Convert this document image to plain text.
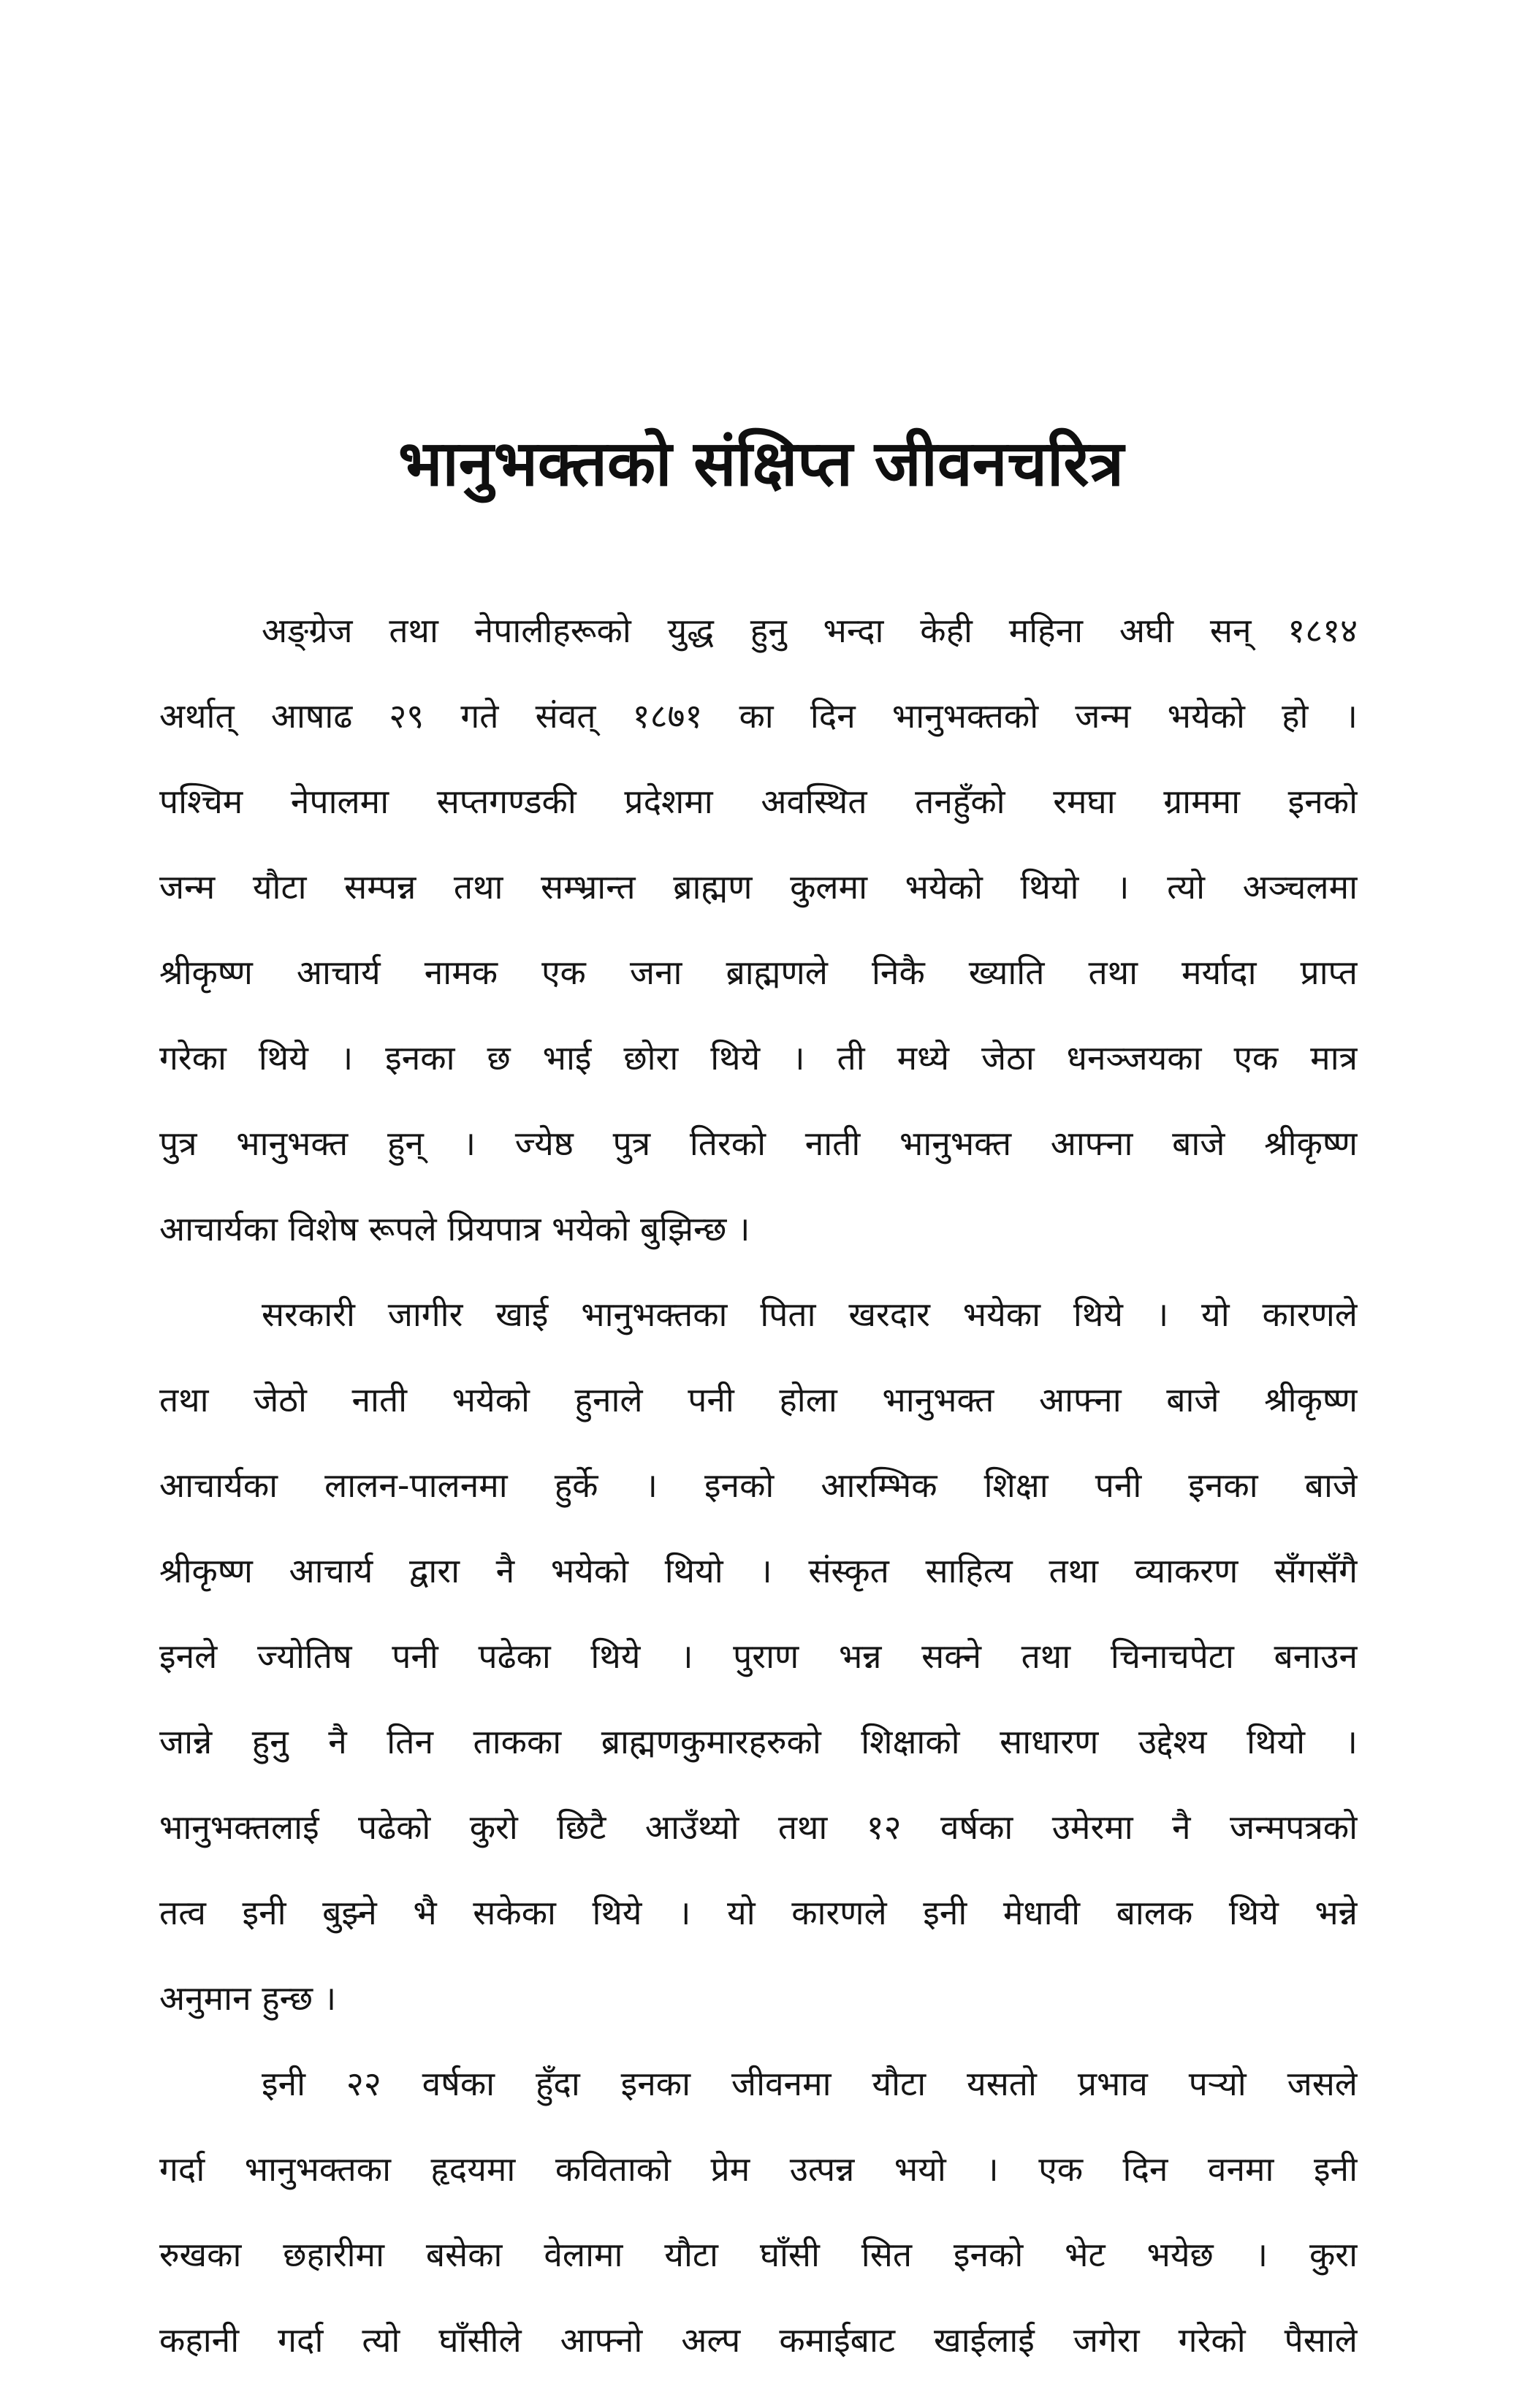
भानुभक्तको संक्षिप्त जीवनचरित्र
अङ्ग्रेज तथा नेपालीहरूको युद्ध हुनु भन्दा केही महिना अघी सन् १८१४
अर्थात् आषाढ २९ गते संवत् १८७१ का दिन भानुभक्तको जन्म भयेको हो ।
पश्चिम नेपालमा सप्तगण्डकी प्रदेशमा अवस्थित तनहुँको रमघा ग्राममा इनको
जन्म यौटा सम्पन्न तथा सम्भ्रान्त ब्राह्मण कुलमा भयेको थियो । त्यो अञ्चलमा
श्रीकृष्ण आचार्य नामक एक जना ब्राह्मणले निकै ख्याति तथा मर्यादा प्राप्त
गरेका थिये । इनका छ भाई छोरा थिये । ती मध्ये जेठा धनञ्जयका एक मात्र
पुत्र भानुभक्त हुन् । ज्येष्ठ पुत्र तिरको नाती भानुभक्त आफ्ना बाजे श्रीकृष्ण
आचार्यका विशेष रूपले प्रियपात्र भयेको बुझिन्छ ।
सरकारी जागीर खाई भानुभक्तका पिता खरदार भयेका थिये । यो कारणले
तथा जेठो नाती भयेको हुनाले पनी होला भानुभक्त आफ्ना बाजे श्रीकृष्ण
आचार्यका लालन-पालनमा हुर्के । इनको आरम्भिक शिक्षा पनी इनका बाजे
श्रीकृष्ण आचार्य द्वारा नै भयेको थियो । संस्कृत साहित्य तथा व्याकरण सँगसँगै
इनले ज्योतिष पनी पढेका थिये । पुराण भन्न सक्ने तथा चिनाचपेटा बनाउन
जान्ने हुनु नै तिन ताकका ब्राह्मणकुमारहरुको शिक्षाको साधारण उद्देश्य थियो ।
भानुभक्तलाई पढेको कुरो छिटै आउँथ्यो तथा १२ वर्षका उमेरमा नै जन्मपत्रको
तत्व इनी बुझ्ने भै सकेका थिये । यो कारणले इनी मेधावी बालक थिये भन्ने
अनुमान हुन्छ ।
इनी २२ वर्षका हुँदा इनका जीवनमा यौटा यसतो प्रभाव पर्‍यो जसले
गर्दा भानुभक्तका हृदयमा कविताको प्रेम उत्पन्न भयो । एक दिन वनमा इनी
रुखका छहारीमा बसेका वेलामा यौटा घाँसी सित इनको भेट भयेछ । कुरा
कहानी गर्दा त्यो घाँसीले आफ्नो अल्प कमाईबाट खाईलाई जगेरा गरेको पैसाले
